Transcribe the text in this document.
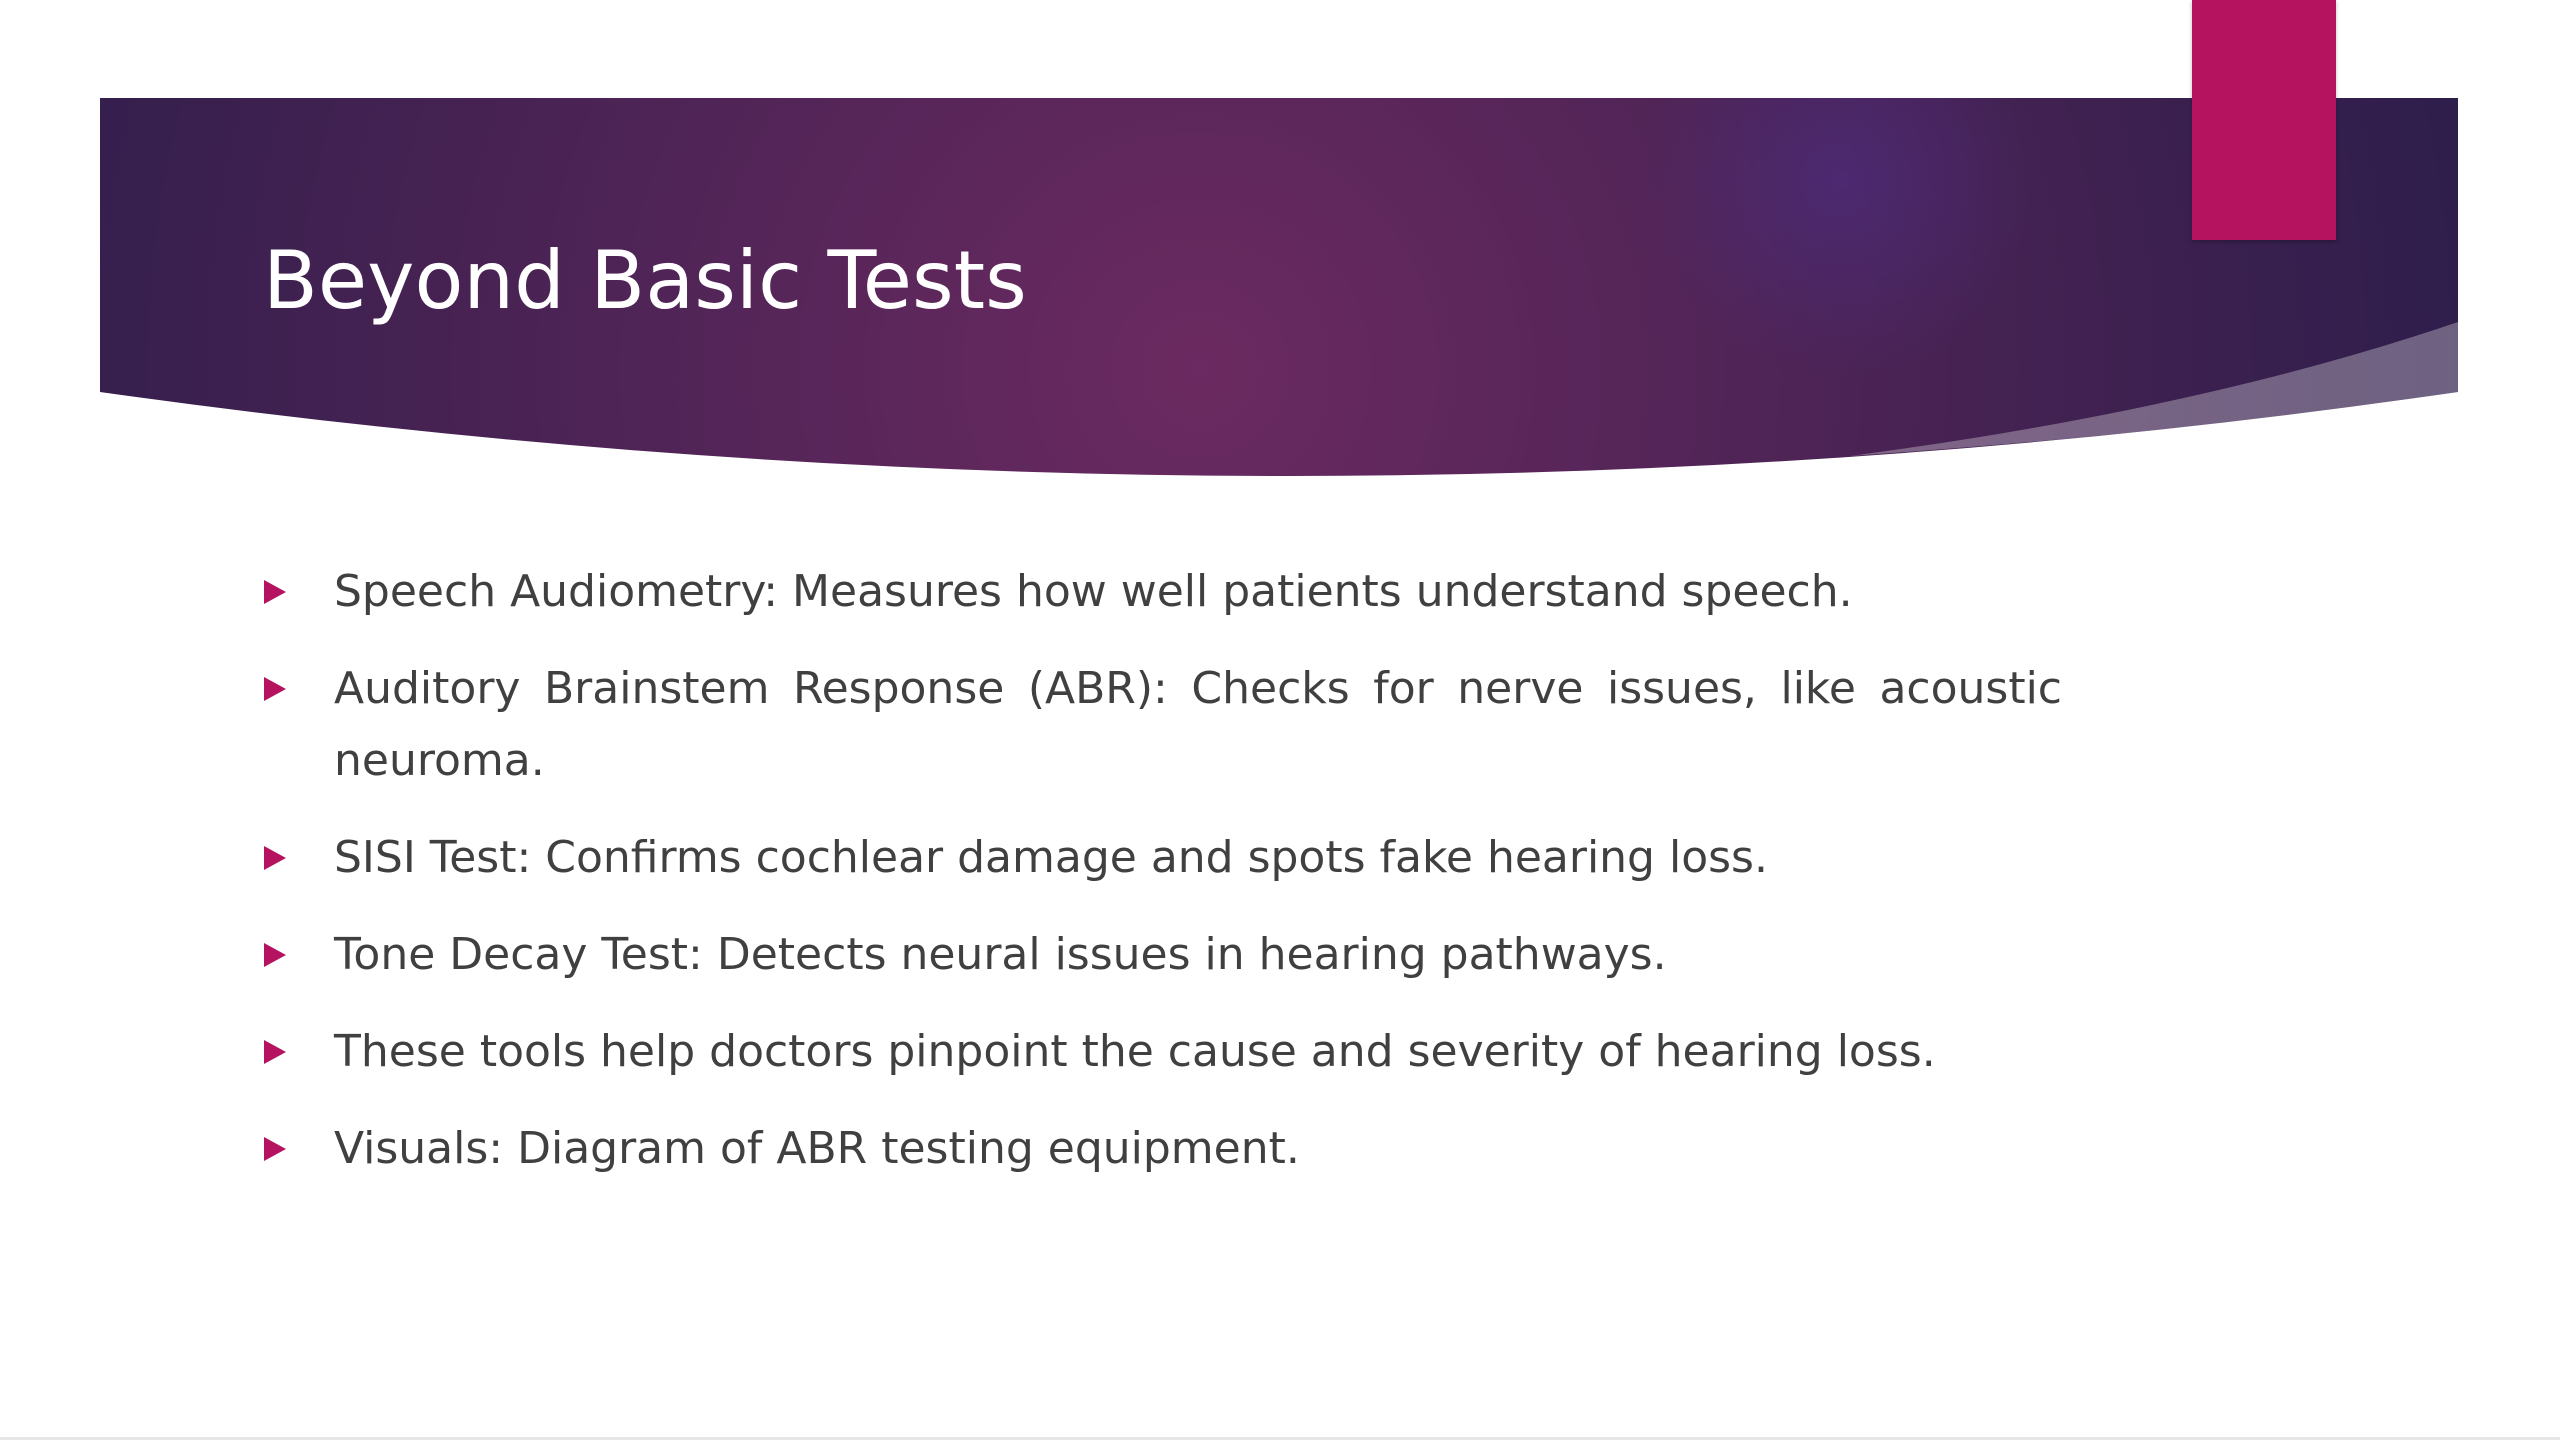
Beyond Basic Tests
Speech Audiometry: Measures how well patients understand speech.
Auditory Brainstem Response (ABR): Checks for nerve issues, like acoustic neuroma.
SISI Test: Confirms cochlear damage and spots fake hearing loss.
Tone Decay Test: Detects neural issues in hearing pathways.
These tools help doctors pinpoint the cause and severity of hearing loss.
Visuals: Diagram of ABR testing equipment.
